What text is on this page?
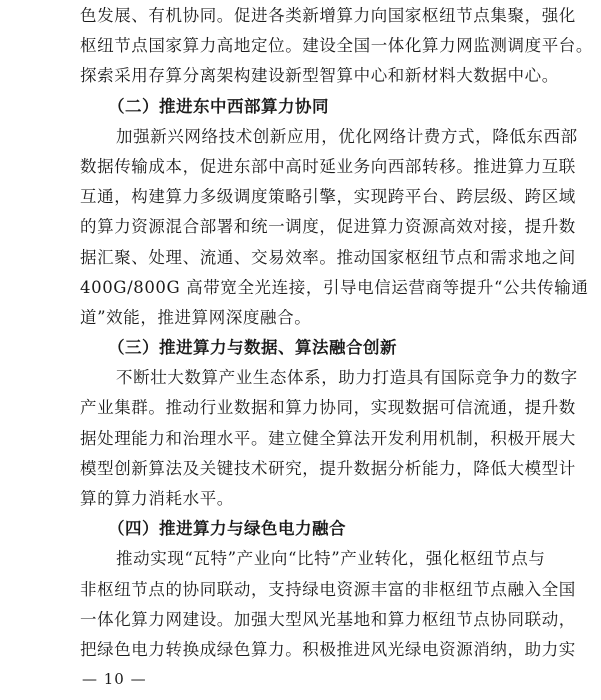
色发展、有机协同。促进各类新增算力向国家枢纽节点集聚，强化
枢纽节点国家算力高地定位。建设全国一体化算力网监测调度平台。
探索采用存算分离架构建设新型智算中心和新材料大数据中心。
（二）推进东中西部算力协同
加强新兴网络技术创新应用，优化网络计费方式，降低东西部
数据传输成本，促进东部中高时延业务向西部转移。推进算力互联
互通，构建算力多级调度策略引擎，实现跨平台、跨层级、跨区域
的算力资源混合部署和统一调度，促进算力资源高效对接，提升数
据汇聚、处理、流通、交易效率。推动国家枢纽节点和需求地之间
400G/800G 高带宽全光连接，引导电信运营商等提升“公共传输通
道”效能，推进算网深度融合。
（三）推进算力与数据、算法融合创新
不断壮大数算产业生态体系，助力打造具有国际竞争力的数字
产业集群。推动行业数据和算力协同，实现数据可信流通，提升数
据处理能力和治理水平。建立健全算法开发利用机制，积极开展大
模型创新算法及关键技术研究，提升数据分析能力，降低大模型计
算的算力消耗水平。
（四）推进算力与绿色电力融合
推动实现“瓦特”产业向“比特”产业转化，强化枢纽节点与
非枢纽节点的协同联动，支持绿电资源丰富的非枢纽节点融入全国
一体化算力网建设。加强大型风光基地和算力枢纽节点协同联动，
把绿色电力转换成绿色算力。积极推进风光绿电资源消纳，助力实
— 10 —
